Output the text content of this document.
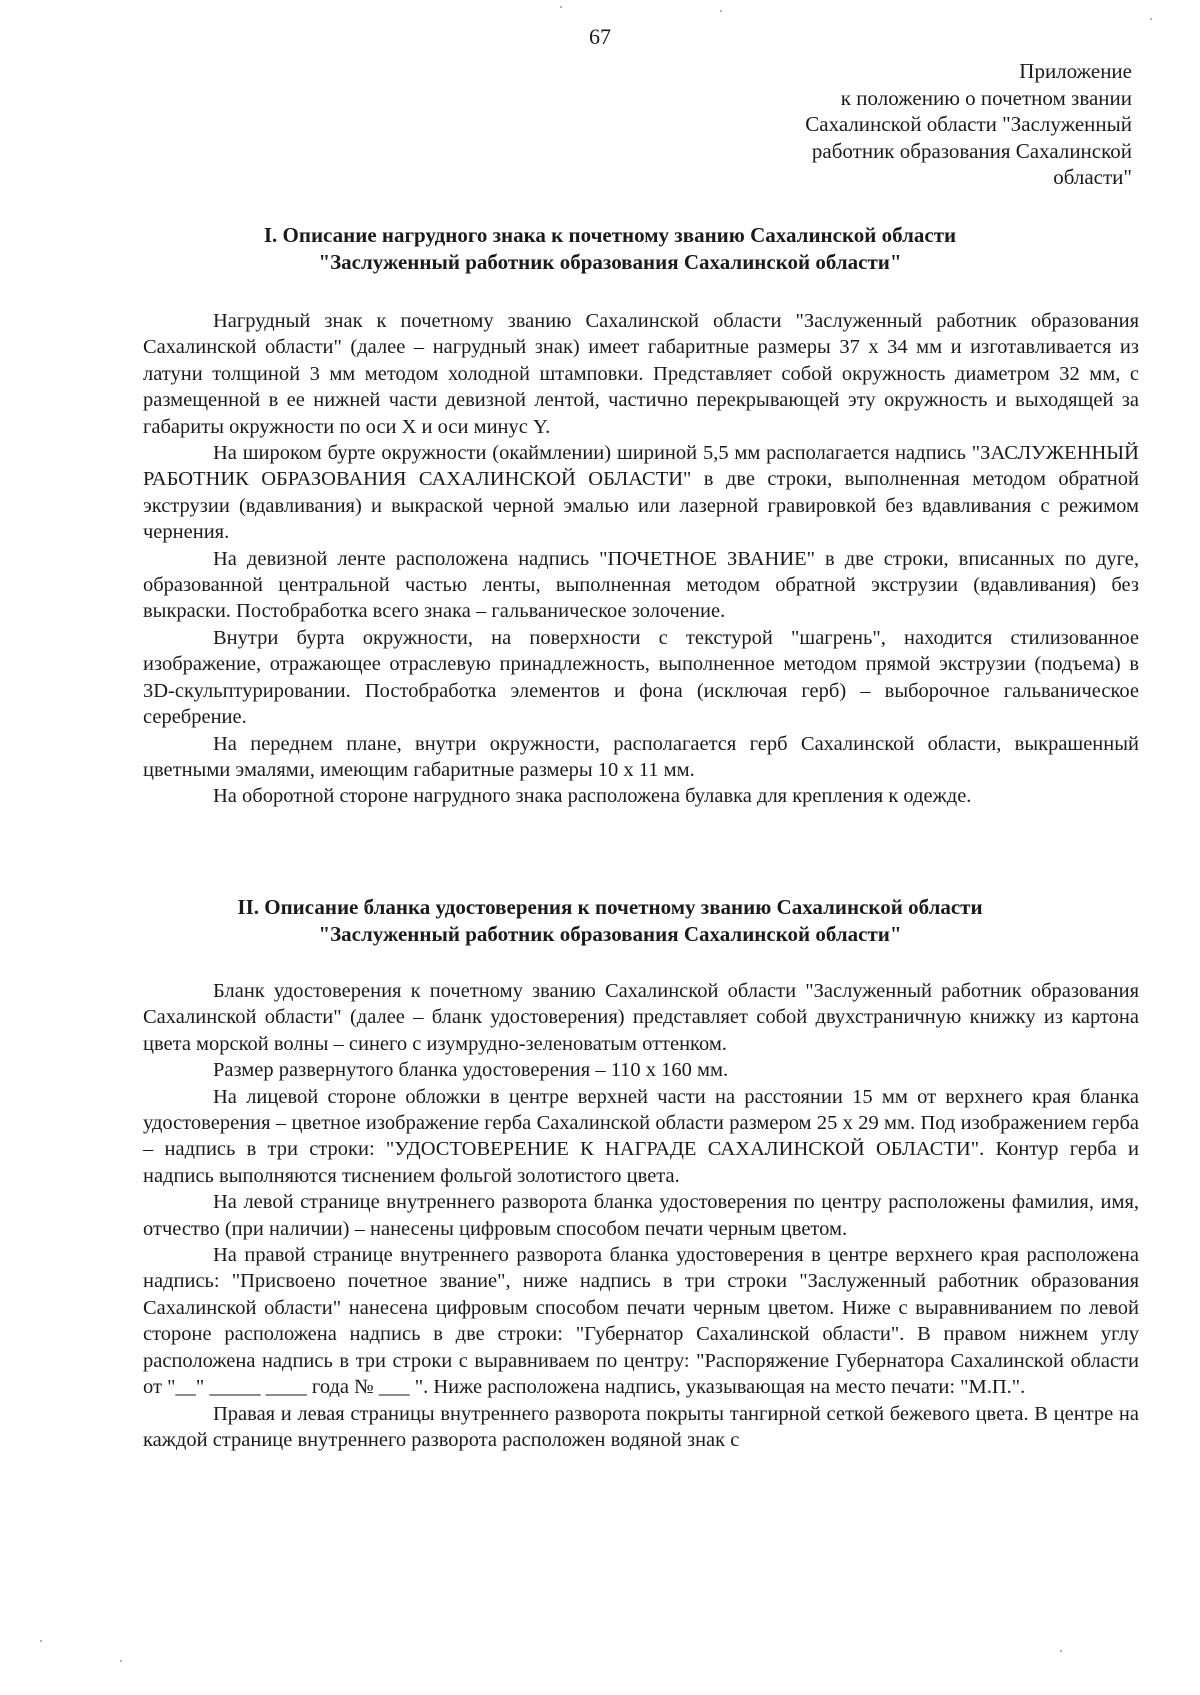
67
Приложение
к положению о почетном звании
Сахалинской области "Заслуженный
работник образования Сахалинской
области"
I. Описание нагрудного знака к почетному званию Сахалинской области
"Заслуженный работник образования Сахалинской области"

Нагрудный знак к почетному званию Сахалинской области "Заслуженный работник образования Сахалинской области" (далее – нагрудный знак) имеет габаритные размеры 37 х 34 мм и изготавливается из латуни толщиной 3 мм методом холодной штамповки. Представляет собой окружность диаметром 32 мм, с размещенной в ее нижней части девизной лентой, частично перекрывающей эту окружность и выходящей за габариты окружности по оси Х и оси минус Y.

На широком бурте окружности (окаймлении) шириной 5,5 мм располагается надпись "ЗАСЛУЖЕННЫЙ РАБОТНИК ОБРАЗОВАНИЯ САХАЛИНСКОЙ ОБЛАСТИ" в две строки, выполненная методом обратной экструзии (вдавливания) и выкраской черной эмалью или лазерной гравировкой без вдавливания с режимом чернения.

На девизной ленте расположена надпись "ПОЧЕТНОЕ ЗВАНИЕ" в две строки, вписанных по дуге, образованной центральной частью ленты, выполненная методом обратной экструзии (вдавливания) без выкраски. Постобработка всего знака – гальваническое золочение.

Внутри бурта окружности, на поверхности с текстурой "шагрень", находится стилизованное изображение, отражающее отраслевую принадлежность, выполненное методом прямой экструзии (подъема) в 3D-скульптурировании. Постобработка элементов и фона (исключая герб) – выборочное гальваническое серебрение.

На переднем плане, внутри окружности, располагается герб Сахалинской области, выкрашенный цветными эмалями, имеющим габаритные размеры 10 х 11 мм.

На оборотной стороне нагрудного знака расположена булавка для крепления к одежде.

II. Описание бланка удостоверения к почетному званию Сахалинской области
"Заслуженный работник образования Сахалинской области"

Бланк удостоверения к почетному званию Сахалинской области "Заслуженный работник образования Сахалинской области" (далее – бланк удостоверения) представляет собой двухстраничную книжку из картона цвета морской волны – синего с изумрудно-зеленоватым оттенком.

Размер развернутого бланка удостоверения – 110 х 160 мм.

На лицевой стороне обложки в центре верхней части на расстоянии 15 мм от верхнего края бланка удостоверения – цветное изображение герба Сахалинской области размером 25 х 29 мм. Под изображением герба – надпись в три строки: "УДОСТОВЕРЕНИЕ К НАГРАДЕ САХАЛИНСКОЙ ОБЛАСТИ". Контур герба и надпись выполняются тиснением фольгой золотистого цвета.

На левой странице внутреннего разворота бланка удостоверения по центру расположены фамилия, имя, отчество (при наличии) – нанесены цифровым способом печати черным цветом.

На правой странице внутреннего разворота бланка удостоверения в центре верхнего края расположена надпись: "Присвоено почетное звание", ниже надпись в три строки "Заслуженный работник образования Сахалинской области" нанесена цифровым способом печати черным цветом. Ниже с выравниванием по левой стороне расположена надпись в две строки: "Губернатор Сахалинской области". В правом нижнем углу расположена надпись в три строки с выравниваем по центру: "Распоряжение Губернатора Сахалинской области от "__" _____ ____ года № ___ ". Ниже расположена надпись, указывающая на место печати: "М.П.".

Правая и левая страницы внутреннего разворота покрыты тангирной сеткой бежевого цвета. В центре на каждой странице внутреннего разворота расположен водяной знак с
